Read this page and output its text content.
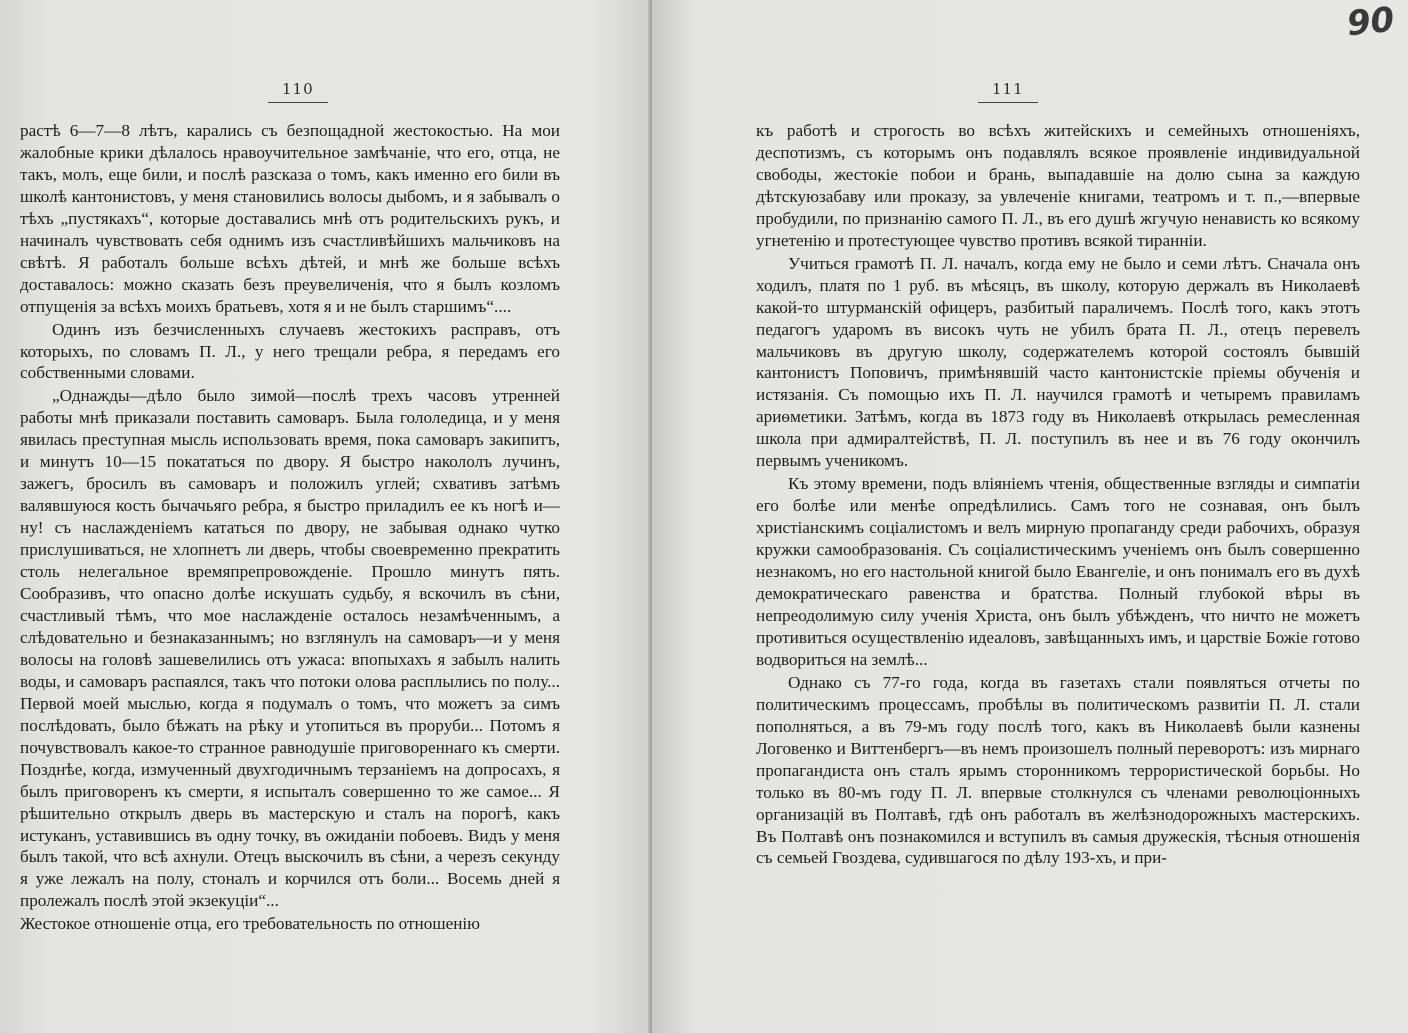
110

растѣ 6—7—8 лѣтъ, карались съ безпощадной жестокостью. На мои жалобные крики дѣлалось нравоучительное замѣчаніе, что его, отца, не такъ, молъ, еще били, и послѣ разсказа о томъ, какъ именно его били въ школѣ кантонистовъ, у меня становились волосы дыбомъ, и я забывалъ о тѣхъ „пустякахъ“, которые доставались мнѣ отъ родительскихъ рукъ, и начиналъ чувствовать себя однимъ изъ счастливѣйшихъ мальчиковъ на свѣтѣ. Я работалъ больше всѣхъ дѣтей, и мнѣ же больше всѣхъ доставалось: можно сказать безъ преувеличенія, что я былъ козломъ отпущенія за всѣхъ моихъ братьевъ, хотя я и не былъ старшимъ“....

Одинъ изъ безчисленныхъ случаевъ жестокихъ расправъ, отъ которыхъ, по словамъ П. Л., у него трещали ребра, я передамъ его собственными словами.

„Однажды—дѣло было зимой—послѣ трехъ часовъ утренней работы мнѣ приказали поставить самоваръ. Была гололедица, и у меня явилась преступная мысль использовать время, пока самоваръ закипитъ, и минутъ 10—15 покататься по двору. Я быстро накололъ лучинъ, зажегъ, бросилъ въ самоваръ и положилъ углей; схвативъ затѣмъ валявшуюся кость бычачьяго ребра, я быстро приладилъ ее къ ногѣ и—ну! съ наслажденіемъ кататься по двору, не забывая однако чутко прислушиваться, не хлопнетъ ли дверь, чтобы своевременно прекратить столь нелегальное времяпрепровожденіе. Прошло минутъ пять. Сообразивъ, что опасно долѣе искушать судьбу, я вскочилъ въ сѣни, счастливый тѣмъ, что мое наслажденіе осталось незамѣченнымъ, а слѣдовательно и безнаказаннымъ; но взглянулъ на самоваръ—и у меня волосы на головѣ зашевелились отъ ужаса: впопыхахъ я забылъ налить воды, и самоваръ распаялся, такъ что потоки олова расплылись по полу... Первой моей мыслью, когда я подумалъ о томъ, что можетъ за симъ послѣдовать, было бѣжать на рѣку и утопиться въ проруби... Потомъ я почувствовалъ какое-то странное равнодушіе приговореннаго къ смерти. Позднѣе, когда, измученный двухгодичнымъ терзаніемъ на допросахъ, я былъ приговоренъ къ смерти, я испыталъ совершенно то же самое... Я рѣшительно открылъ дверь въ мастерскую и сталъ на порогѣ, какъ истуканъ, уставившись въ одну точку, въ ожиданіи побоевъ. Видъ у меня былъ такой, что всѣ ахнули. Отецъ выскочилъ въ сѣни, а черезъ секунду я уже лежалъ на полу, стоналъ и корчился отъ боли... Восемь дней я пролежалъ послѣ этой экзекуціи“...

Жестокое отношеніе отца, его требовательность по отношенію

90
111

къ работѣ и строгость во всѣхъ житейскихъ и семейныхъ отношеніяхъ, деспотизмъ, съ которымъ онъ подавлялъ всякое проявленіе индивидуальной свободы, жестокіе побои и брань, выпадавшіе на долю сына за каждую дѣтскуюзабаву или проказу, за увлеченіе книгами, театромъ и т. п.,—впервые пробудили, по признанію самого П. Л., въ его душѣ жгучую ненависть ко всякому угнетенію и протестующее чувство противъ всякой тиранніи.

Учиться грамотѣ П. Л. началъ, когда ему не было и семи лѣтъ. Сначала онъ ходилъ, платя по 1 руб. въ мѣсяцъ, въ школу, которую держалъ въ Николаевѣ какой-то штурманскій офицеръ, разбитый параличемъ. Послѣ того, какъ этотъ педагогъ ударомъ въ високъ чуть не убилъ брата П. Л., отецъ перевелъ мальчиковъ въ другую школу, содержателемъ которой состоялъ бывшій кантонистъ Поповичъ, примѣнявшій часто кантонистскіе пріемы обученія и истязанія. Съ помощью ихъ П. Л. научился грамотѣ и четыремъ правиламъ ариѳметики. Затѣмъ, когда въ 1873 году въ Николаевѣ открылась ремесленная школа при адмиралтействѣ, П. Л. поступилъ въ нее и въ 76 году окончилъ первымъ ученикомъ.

Къ этому времени, подъ вліяніемъ чтенія, общественные взгляды и симпатіи его болѣе или менѣе опредѣлились. Самъ того не сознавая, онъ былъ христіанскимъ соціалистомъ и велъ мирную пропаганду среди рабочихъ, образуя кружки самообразованія. Съ соціалистическимъ ученіемъ онъ былъ совершенно незнакомъ, но его настольной книгой было Евангеліе, и онъ понималъ его въ духѣ демократическаго равенства и братства. Полный глубокой вѣры въ непреодолимую силу ученія Христа, онъ былъ убѣжденъ, что ничто не можетъ противиться осуществленію идеаловъ, завѣщанныхъ имъ, и царствіе Божіе готово водвориться на землѣ...

Однако съ 77-го года, когда въ газетахъ стали появляться отчеты по политическимъ процессамъ, пробѣлы въ политическомъ развитіи П. Л. стали пополняться, а въ 79-мъ году послѣ того, какъ въ Николаевѣ были казнены Логовенко и Виттенбергъ—въ немъ произошелъ полный переворотъ: изъ мирнаго пропагандиста онъ сталъ ярымъ сторонникомъ террористической борьбы. Но только въ 80-мъ году П. Л. впервые столкнулся съ членами революціонныхъ организацій въ Полтавѣ, гдѣ онъ работалъ въ желѣзнодорожныхъ мастерскихъ. Въ Полтавѣ онъ познакомился и вступилъ въ самыя дружескія, тѣсныя отношенія съ семьей Гвоздева, судившагося по дѣлу 193-хъ, и при-
